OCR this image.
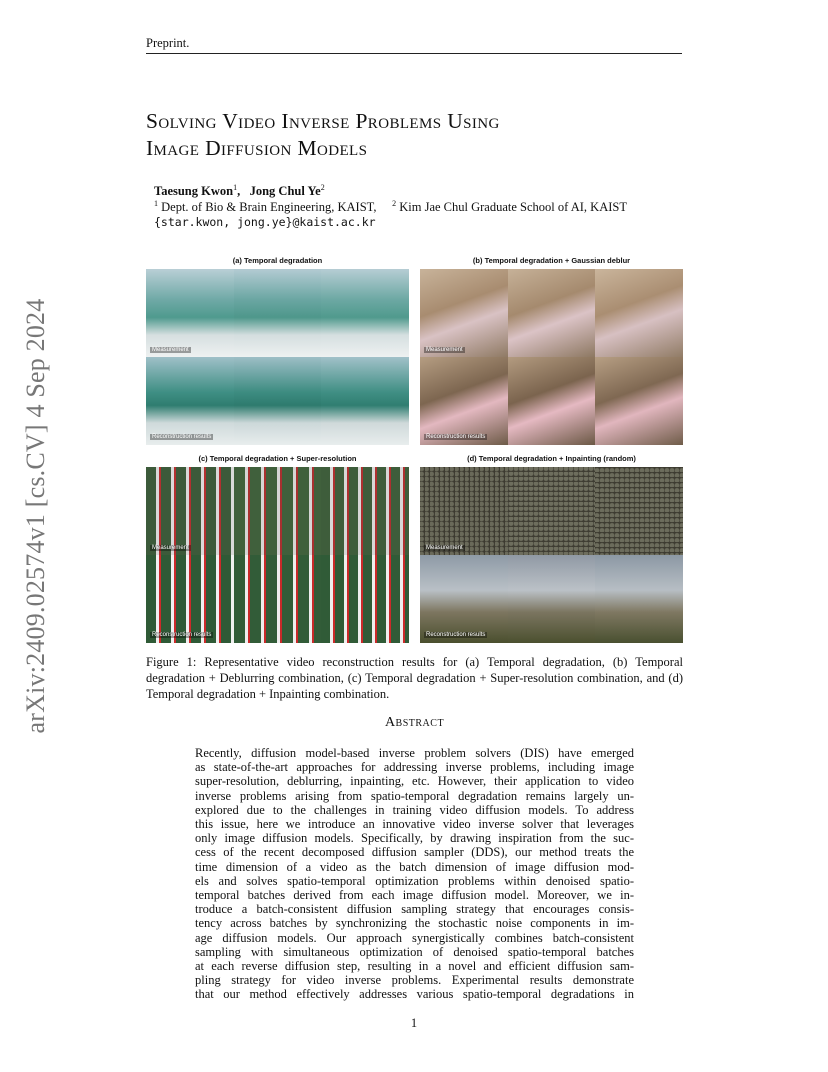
Preprint.
arXiv:2409.02574v1 [cs.CV] 4 Sep 2024
Solving Video Inverse Problems Using
Image Diffusion Models
Taesung Kwon$^1$,   Jong Chul Ye$^2$
$^1$ Dept. of Bio & Brain Engineering, KAIST, $^2$ Kim Jae Chul Graduate School of AI, KAIST
{star.kwon, jong.ye}@kaist.ac.kr
(a) Temporal degradation
Measurement
Reconstruction results
(b) Temporal degradation + Gaussian deblur
Measurement
Reconstruction results
(c) Temporal degradation + Super-resolution
Measurement
Reconstruction results
(d) Temporal degradation + Inpainting (random)
Measurement
Reconstruction results
Figure 1: Representative video reconstruction results for (a) Temporal degradation, (b) Temporal degradation + Deblurring combination, (c) Temporal degradation + Super-resolution combination, and (d) Temporal degradation + Inpainting combination.
Abstract
Recently, diffusion model-based inverse problem solvers (DIS) have emerged
as state-of-the-art approaches for addressing inverse problems, including image
super-resolution, deblurring, inpainting, etc. However, their application to video
inverse problems arising from spatio-temporal degradation remains largely un-
explored due to the challenges in training video diffusion models. To address
this issue, here we introduce an innovative video inverse solver that leverages
only image diffusion models. Specifically, by drawing inspiration from the suc-
cess of the recent decomposed diffusion sampler (DDS), our method treats the
time dimension of a video as the batch dimension of image diffusion mod-
els and solves spatio-temporal optimization problems within denoised spatio-
temporal batches derived from each image diffusion model. Moreover, we in-
troduce a batch-consistent diffusion sampling strategy that encourages consis-
tency across batches by synchronizing the stochastic noise components in im-
age diffusion models. Our approach synergistically combines batch-consistent
sampling with simultaneous optimization of denoised spatio-temporal batches
at each reverse diffusion step, resulting in a novel and efficient diffusion sam-
pling strategy for video inverse problems. Experimental results demonstrate
that our method effectively addresses various spatio-temporal degradations in
1
